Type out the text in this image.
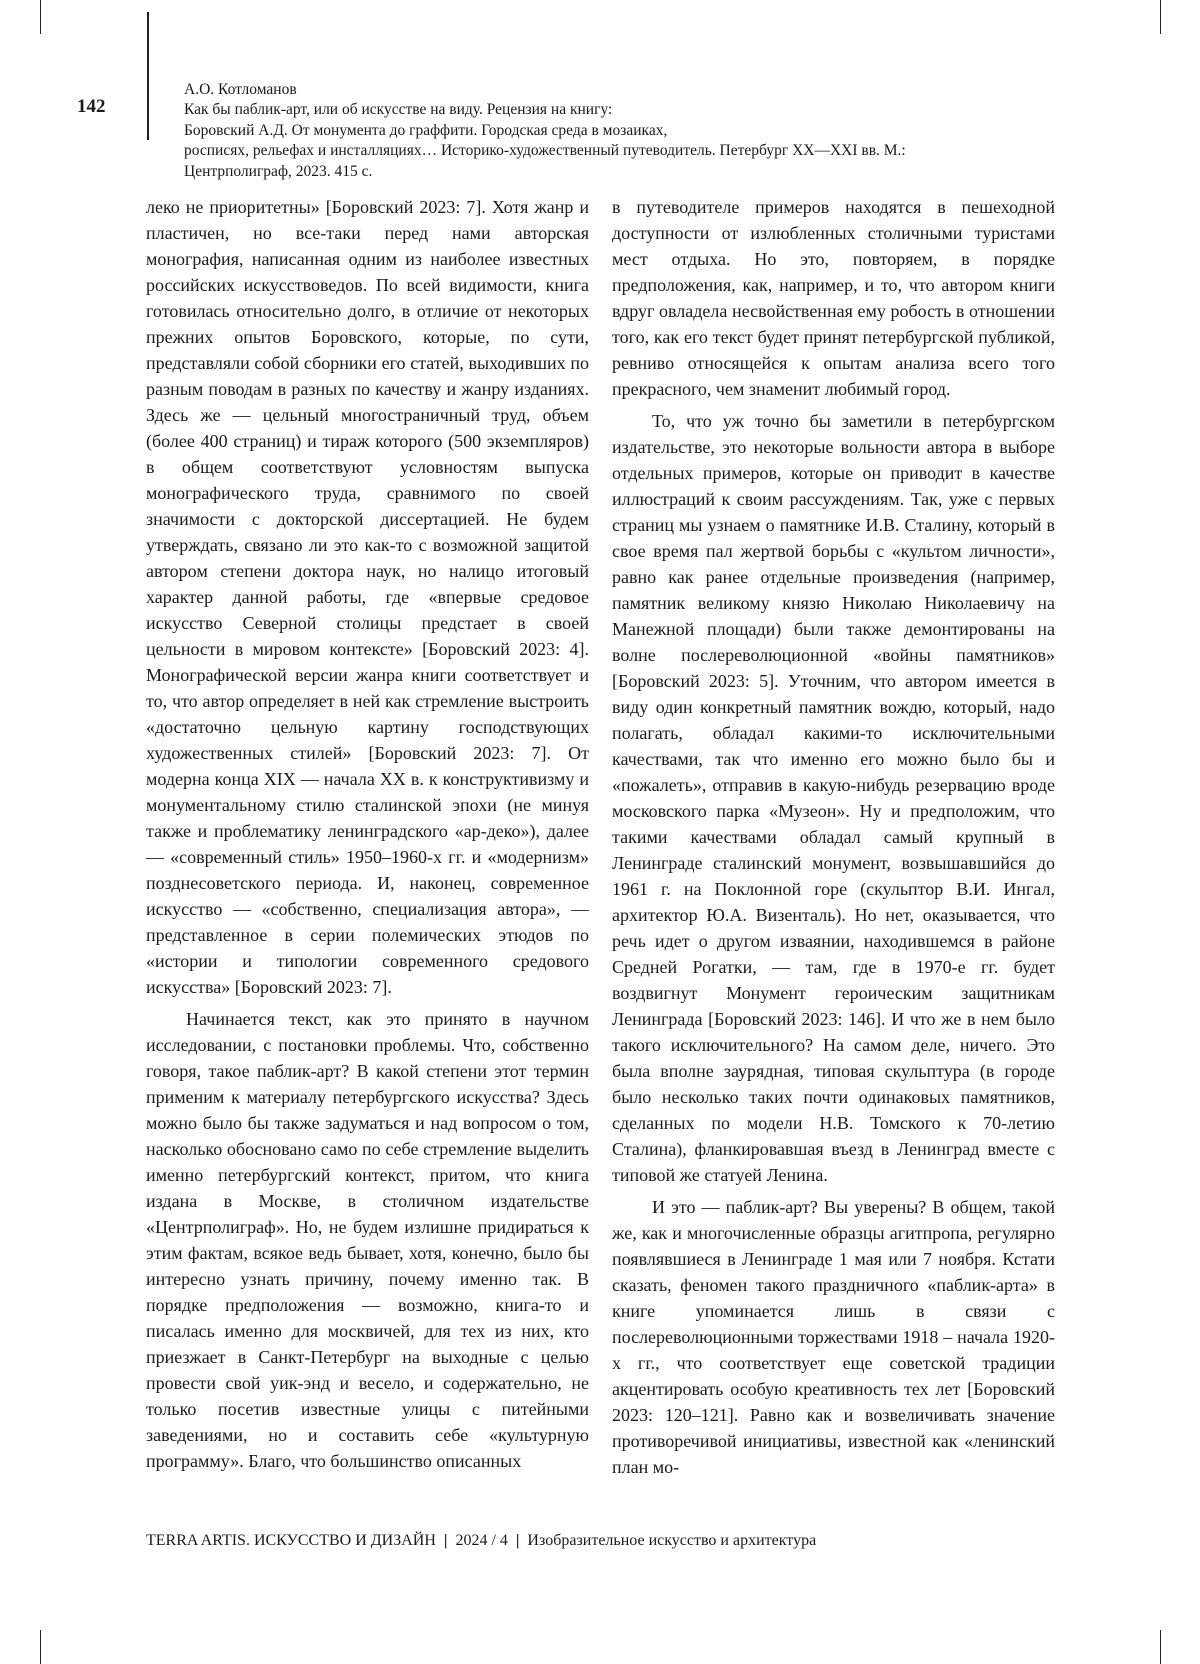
142
А.О. Котломанов
Как бы паблик-арт, или об искусстве на виду. Рецензия на книгу:
Боровский А.Д. От монумента до граффити. Городская среда в мозаиках,
росписях, рельефах и инсталляциях… Историко-художественный путеводитель. Петербург XX—XXI вв. М.:
Центрполиграф, 2023. 415 с.

леко не приоритетны» [Боровский 2023: 7]. Хотя жанр и пластичен, но все-таки перед нами авторская монография, написанная одним из наиболее известных российских искусствоведов. По всей видимости, книга готовилась относительно долго, в отличие от некоторых прежних опытов Боровского, которые, по сути, представляли собой сборники его статей, выходивших по разным поводам в разных по качеству и жанру изданиях. Здесь же — цельный многостраничный труд, объем (более 400 страниц) и тираж которого (500 экземпляров) в общем соответствуют условностям выпуска монографического труда, сравнимого по своей значимости с докторской диссертацией. Не будем утверждать, связано ли это как-то с возможной защитой автором степени доктора наук, но налицо итоговый характер данной работы, где «впервые средовое искусство Северной столицы предстает в своей цельности в мировом контексте» [Боровский 2023: 4]. Монографической версии жанра книги соответствует и то, что автор определяет в ней как стремление выстроить «достаточно цельную картину господствующих художественных стилей» [Боровский 2023: 7]. От модерна конца XIX — начала XX в. к конструктивизму и монументальному стилю сталинской эпохи (не минуя также и проблематику ленинградского «ар-деко»), далее — «современный стиль» 1950–1960-х гг. и «модернизм» позднесоветского периода. И, наконец, современное искусство — «собственно, специализация автора», — представленное в серии полемических этюдов по «истории и типологии современного средового искусства» [Боровский 2023: 7].

Начинается текст, как это принято в научном исследовании, с постановки проблемы. Что, собственно говоря, такое паблик-арт? В какой степени этот термин применим к материалу петербургского искусства? Здесь можно было бы также задуматься и над вопросом о том, насколько обосновано само по себе стремление выделить именно петербургский контекст, притом, что книга издана в Москве, в столичном издательстве «Центрполиграф». Но, не будем излишне придираться к этим фактам, всякое ведь бывает, хотя, конечно, было бы интересно узнать причину, почему именно так. В порядке предположения — возможно, книга-то и писалась именно для москвичей, для тех из них, кто приезжает в Санкт-Петербург на выходные с целью провести свой уик-энд и весело, и содержательно, не только посетив известные улицы с питейными заведениями, но и составить себе «культурную программу». Благо, что большинство описанных

в путеводителе примеров находятся в пешеходной доступности от излюбленных столичными туристами мест отдыха. Но это, повторяем, в порядке предположения, как, например, и то, что автором книги вдруг овладела несвойственная ему робость в отношении того, как его текст будет принят петербургской публикой, ревниво относящейся к опытам анализа всего того прекрасного, чем знаменит любимый город.

То, что уж точно бы заметили в петербургском издательстве, это некоторые вольности автора в выборе отдельных примеров, которые он приводит в качестве иллюстраций к своим рассуждениям. Так, уже с первых страниц мы узнаем о памятнике И.В. Сталину, который в свое время пал жертвой борьбы с «культом личности», равно как ранее отдельные произведения (например, памятник великому князю Николаю Николаевичу на Манежной площади) были также демонтированы на волне послереволюционной «войны памятников» [Боровский 2023: 5]. Уточним, что автором имеется в виду один конкретный памятник вождю, который, надо полагать, обладал какими-то исключительными качествами, так что именно его можно было бы и «пожалеть», отправив в какую-нибудь резервацию вроде московского парка «Музеон». Ну и предположим, что такими качествами обладал самый крупный в Ленинграде сталинский монумент, возвышавшийся до 1961 г. на Поклонной горе (скульптор В.И. Ингал, архитектор Ю.А. Визенталь). Но нет, оказывается, что речь идет о другом изваянии, находившемся в районе Средней Рогатки, — там, где в 1970-е гг. будет воздвигнут Монумент героическим защитникам Ленинграда [Боровский 2023: 146]. И что же в нем было такого исключительного? На самом деле, ничего. Это была вполне заурядная, типовая скульптура (в городе было несколько таких почти одинаковых памятников, сделанных по модели Н.В. Томского к 70-летию Сталина), фланкировавшая въезд в Ленинград вместе с типовой же статуей Ленина.

И это — паблик-арт? Вы уверены? В общем, такой же, как и многочисленные образцы агитпропа, регулярно появлявшиеся в Ленинграде 1 мая или 7 ноября. Кстати сказать, феномен такого праздничного «паблик-арта» в книге упоминается лишь в связи с послереволюционными торжествами 1918 – начала 1920-х гг., что соответствует еще советской традиции акцентировать особую креативность тех лет [Боровский 2023: 120–121]. Равно как и возвеличивать значение противоречивой инициативы, известной как «ленинский план мо-

TERRA ARTIS. ИСКУССТВО И ДИЗАЙН | 2024 / 4 | Изобразительное искусство и архитектура
